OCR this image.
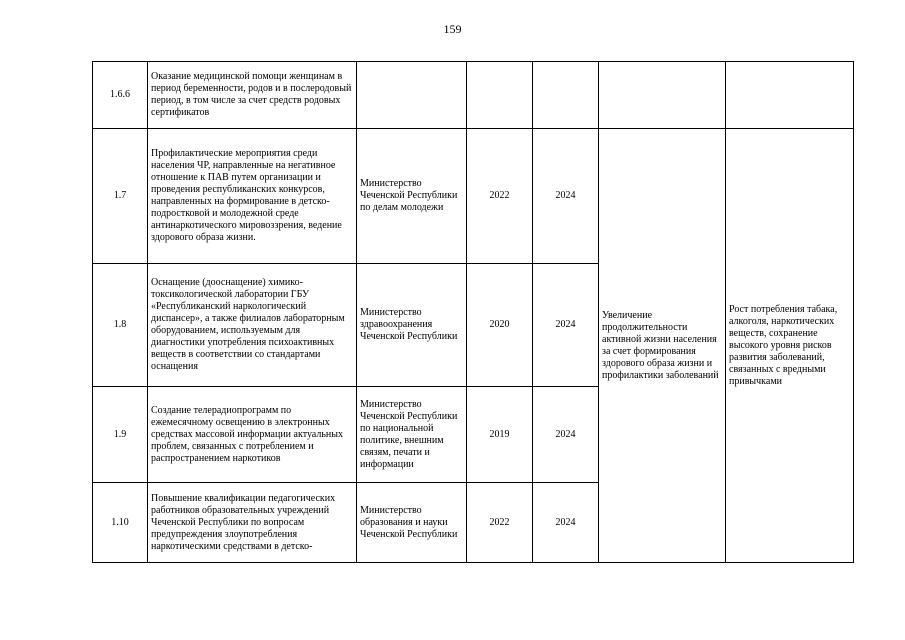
159
1.6.6	Оказание медицинской помощи женщинам в период беременности, родов и в послеродовый период, в том числе за счет средств родовых сертификатов					
1.7	Профилактические мероприятия среди населения ЧР, направленные на негативное отношение к ПАВ путем организации и проведения республиканских конкурсов, направленных на формирование в детско-подростковой и молодежной среде антинаркотического мировоззрения, ведение здорового образа жизни.	Министерство Чеченской Республики по делам молодежи	2022	2024	Увеличение продолжительности активной жизни населения за счет формирования здорового образа жизни и профилактики заболеваний	Рост потребления табака, алкоголя, наркотических веществ, сохранение высокого уровня рисков развития заболеваний, связанных с вредными привычками
1.8	Оснащение (дооснащение) химико-токсикологической лаборатории ГБУ «Республиканский наркологический диспансер», а также филиалов лабораторным оборудованием, используемым для диагностики употребления психоактивных веществ в соответствии со стандартами оснащения	Министерство здравоохранения Чеченской Республики	2020	2024		
1.9	Создание телерадиопрограмм по ежемесячному освещению в электронных средствах массовой информации актуальных проблем, связанных с потреблением и распространением наркотиков	Министерство Чеченской Республики по национальной политике, внешним связям, печати и информации	2019	2024		
1.10	Повышение квалификации педагогических работников образовательных учреждений Чеченской Республики по вопросам предупреждения злоупотребления наркотическими средствами в детско-	Министерство образования и науки Чеченской Республики	2022	2024		
